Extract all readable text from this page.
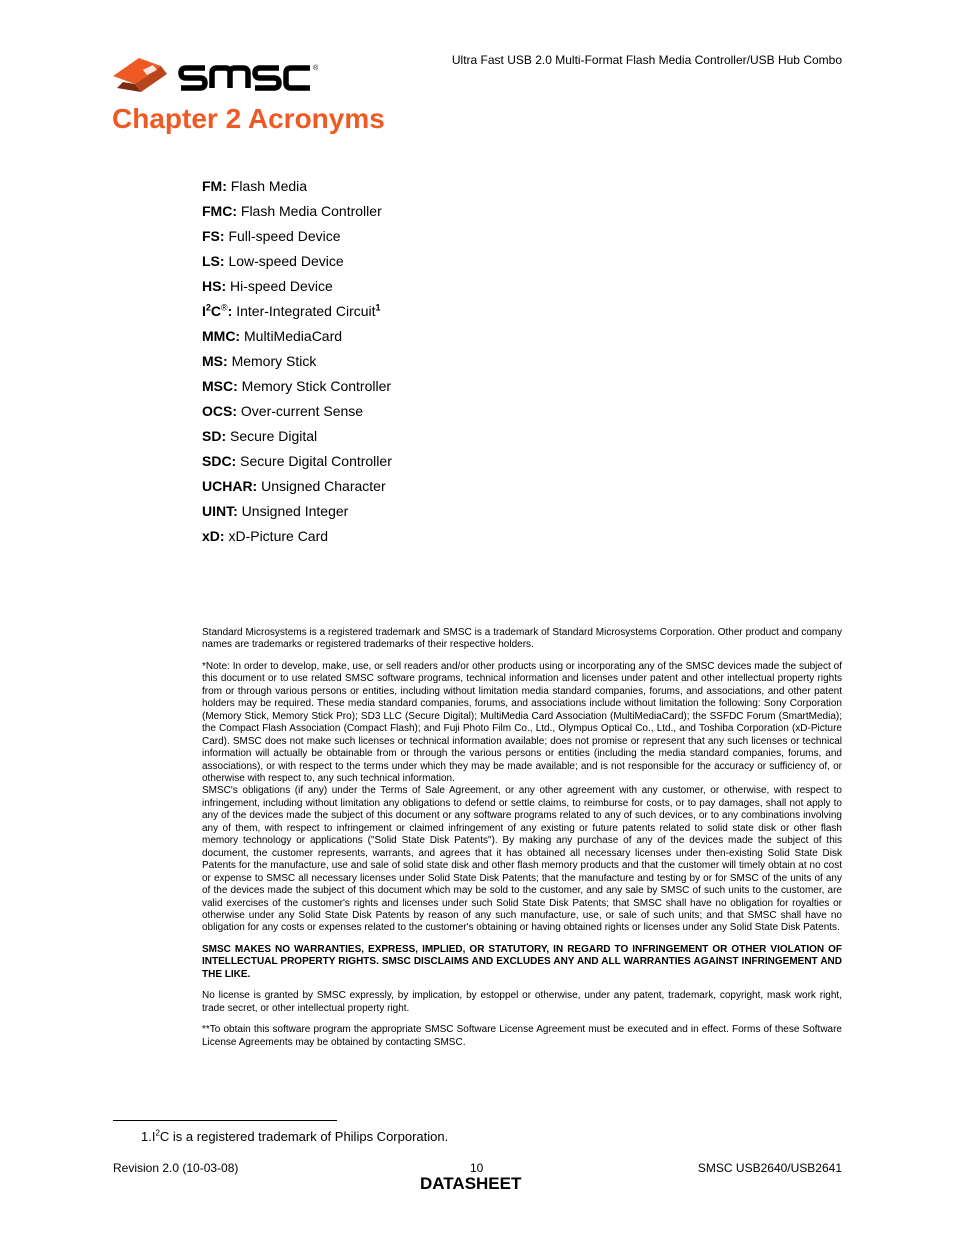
Ultra Fast USB 2.0 Multi-Format Flash Media Controller/USB Hub Combo
®
Chapter 2 Acronyms
FM: Flash Media
FMC: Flash Media Controller
FS: Full-speed Device
LS: Low-speed Device
HS: Hi-speed Device
$I^2C®$: Inter-Integrated Circuit$^1$
MMC: MultiMediaCard
MS: Memory Stick
MSC: Memory Stick Controller
OCS: Over-current Sense
SD: Secure Digital
SDC: Secure Digital Controller
UCHAR: Unsigned Character
UINT: Unsigned Integer
xD: xD-Picture Card

Standard Microsystems is a registered trademark and SMSC is a trademark of Standard Microsystems Corporation. Other product and company names are trademarks or registered trademarks of their respective holders.

*Note: In order to develop, make, use, or sell readers and/or other products using or incorporating any of the SMSC devices made the subject of this document or to use related SMSC software programs, technical information and licenses under patent and other intellectual property rights from or through various persons or entities, including without limitation media standard companies, forums, and associations, and other patent holders may be required. These media standard companies, forums, and associations include without limitation the following: Sony Corporation (Memory Stick, Memory Stick Pro); SD3 LLC (Secure Digital); MultiMedia Card Association (MultiMediaCard); the SSFDC Forum (SmartMedia); the Compact Flash Association (Compact Flash); and Fuji Photo Film Co., Ltd., Olympus Optical Co., Ltd., and Toshiba Corporation (xD-Picture Card). SMSC does not make such licenses or technical information available; does not promise or represent that any such licenses or technical information will actually be obtainable from or through the various persons or entities (including the media standard companies, forums, and associations), or with respect to the terms under which they may be made available; and is not responsible for the accuracy or sufficiency of, or otherwise with respect to, any such technical information.

SMSC's obligations (if any) under the Terms of Sale Agreement, or any other agreement with any customer, or otherwise, with respect to infringement, including without limitation any obligations to defend or settle claims, to reimburse for costs, or to pay damages, shall not apply to any of the devices made the subject of this document or any software programs related to any of such devices, or to any combinations involving any of them, with respect to infringement or claimed infringement of any existing or future patents related to solid state disk or other flash memory technology or applications ("Solid State Disk Patents"). By making any purchase of any of the devices made the subject of this document, the customer represents, warrants, and agrees that it has obtained all necessary licenses under then-existing Solid State Disk Patents for the manufacture, use and sale of solid state disk and other flash memory products and that the customer will timely obtain at no cost or expense to SMSC all necessary licenses under Solid State Disk Patents; that the manufacture and testing by or for SMSC of the units of any of the devices made the subject of this document which may be sold to the customer, and any sale by SMSC of such units to the customer, are valid exercises of the customer's rights and licenses under such Solid State Disk Patents; that SMSC shall have no obligation for royalties or otherwise under any Solid State Disk Patents by reason of any such manufacture, use, or sale of such units; and that SMSC shall have no obligation for any costs or expenses related to the customer's obtaining or having obtained rights or licenses under any Solid State Disk Patents.

SMSC MAKES NO WARRANTIES, EXPRESS, IMPLIED, OR STATUTORY, IN REGARD TO INFRINGEMENT OR OTHER VIOLATION OF INTELLECTUAL PROPERTY RIGHTS. SMSC DISCLAIMS AND EXCLUDES ANY AND ALL WARRANTIES AGAINST INFRINGEMENT AND THE LIKE.

No license is granted by SMSC expressly, by implication, by estoppel or otherwise, under any patent, trademark, copyright, mask work right, trade secret, or other intellectual property right.

**To obtain this software program the appropriate SMSC Software License Agreement must be executed and in effect. Forms of these Software License Agreements may be obtained by contacting SMSC.

$1.I^2C$ is a registered trademark of Philips Corporation.
Revision 2.0 (10-03-08)	10	SMSC USB2640/USB2641
DATASHEET
